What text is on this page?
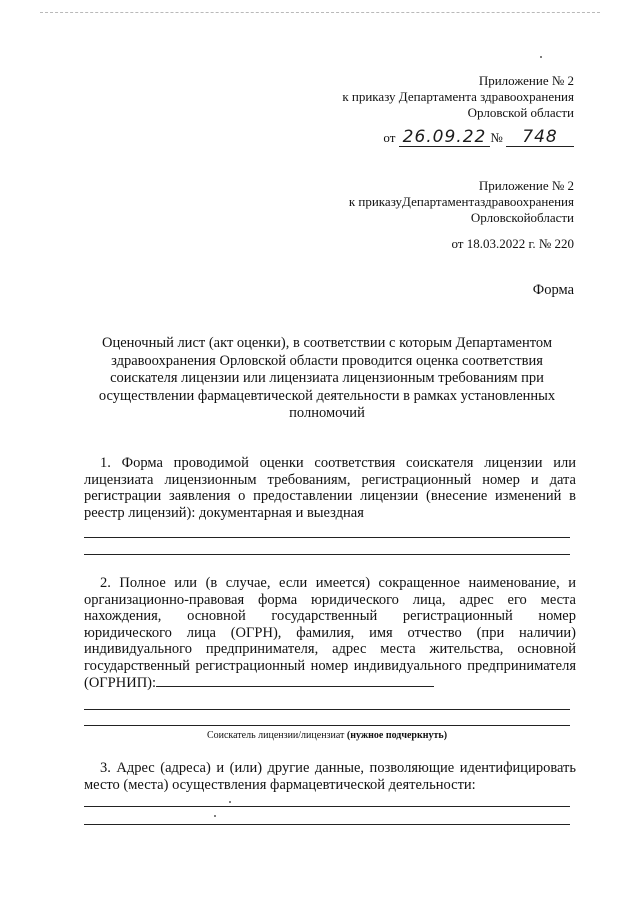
Приложение № 2
к приказу Департамента здравоохранения
Орловской области
от 26.09.22 № 748
Приложение № 2
к приказуДепартаментаздравоохранения
Орловскойобласти
от 18.03.2022 г. № 220
Форма
Оценочный лист (акт оценки), в соответствии с которым Департаментом здравоохранения Орловской области проводится оценка соответствия соискателя лицензии или лицензиата лицензионным требованиям при осуществлении фармацевтической деятельности в рамках установленных полномочий
1. Форма проводимой оценки соответствия соискателя лицензии или лицензиата лицензионным требованиям, регистрационный номер и дата регистрации заявления о предоставлении лицензии (внесение изменений в реестр лицензий): документарная и выездная
2. Полное или (в случае, если имеется) сокращенное наименование, и организационно-правовая форма юридического лица, адрес его места нахождения, основной государственный регистрационный номер юридического лица (ОГРН), фамилия, имя отчество (при наличии) индивидуального предпринимателя, адрес места жительства, основной государственный регистрационный номер индивидуального предпринимателя (ОГРНИП):
Соискатель лицензии/лицензиат (нужное подчеркнуть)
3. Адрес (адреса) и (или) другие данные, позволяющие идентифицировать место (места) осуществления фармацевтической деятельности:
